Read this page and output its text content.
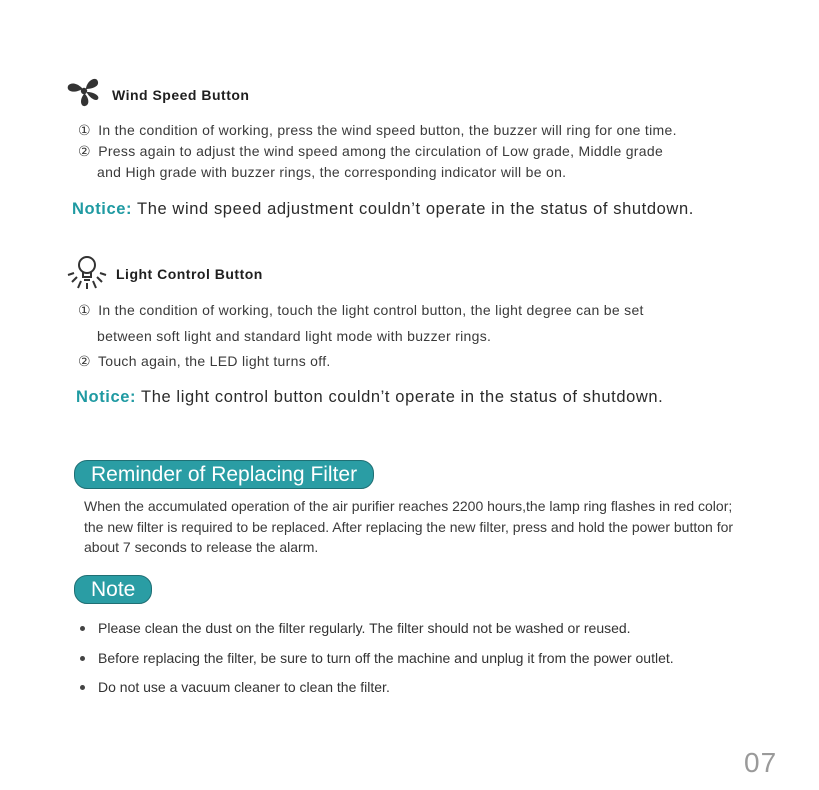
Wind Speed Button
① In the condition of working, press the wind speed button, the buzzer will ring for one time.
② Press again to adjust the wind speed among the circulation of Low grade, Middle grade
and High grade with buzzer rings, the corresponding indicator will be on.
Notice: The wind speed adjustment couldn’t operate in the status of shutdown.
Light Control Button
① In the condition of working, touch the light control button, the light degree can be set
between soft light and standard light mode with buzzer rings.
② Touch again, the LED light turns off.
Notice: The light control button couldn’t operate in the status of shutdown.
Reminder of Replacing Filter
When the accumulated operation of the air purifier reaches 2200 hours,the lamp ring flashes in red color; the new filter is required to be replaced. After replacing the new filter, press and hold the power button for about 7 seconds to release the alarm.
Note
Please clean the dust on the filter regularly. The filter should not be washed or reused.
Before replacing the filter, be sure to turn off the machine and unplug it from the power outlet.
Do not use a vacuum cleaner to clean the filter.
07
